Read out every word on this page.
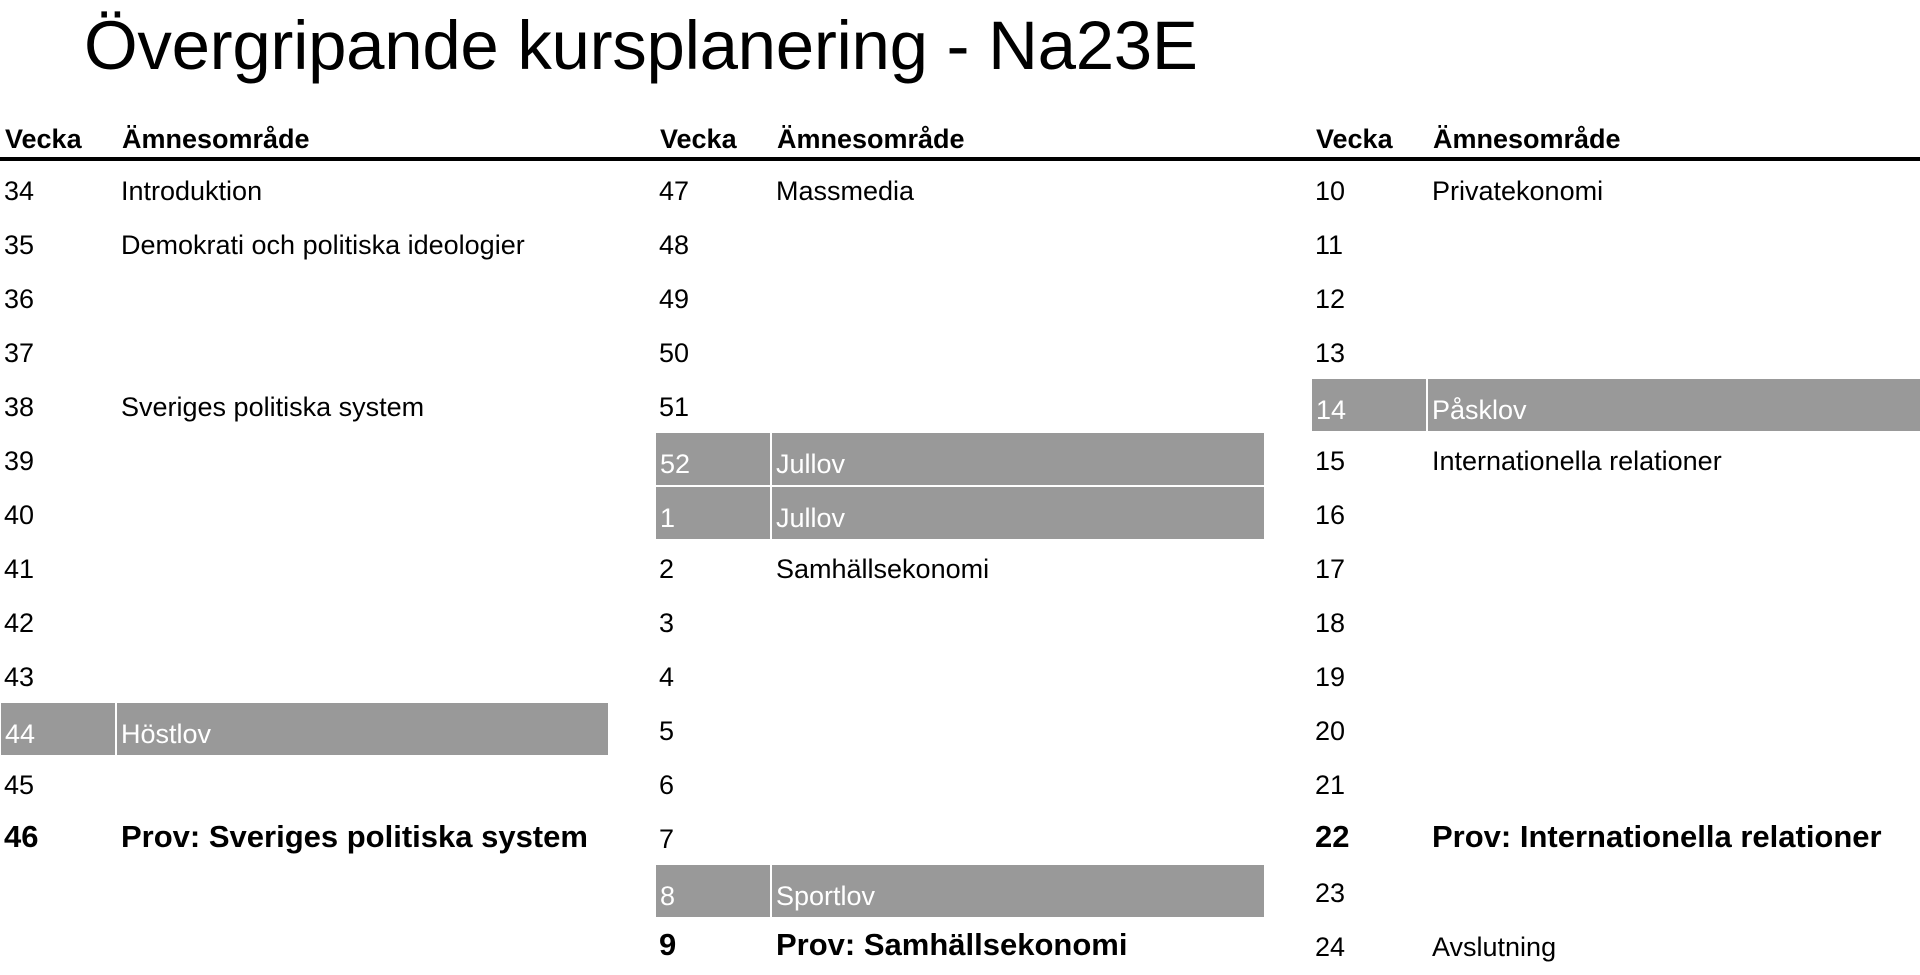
Övergripande kursplanering - Na23E
Vecka Ämnesområde
34	Introduktion
35	Demokrati och politiska ideologier
36
37
38	Sveriges politiska system
39
40
41
42
43
44	Höstlov
45
46	Prov: Sveriges politiska system
Vecka Ämnesområde
47	Massmedia
48
49
50
51
52	Jullov
1	Jullov
2	Samhällsekonomi
3
4
5
6
7
8	Sportlov
9	Prov: Samhällsekonomi
Vecka Ämnesområde
10	Privatekonomi
11
12
13
14	Påsklov
15	Internationella relationer
16
17
18
19
20
21
22	Prov: Internationella relationer
23
24	Avslutning
